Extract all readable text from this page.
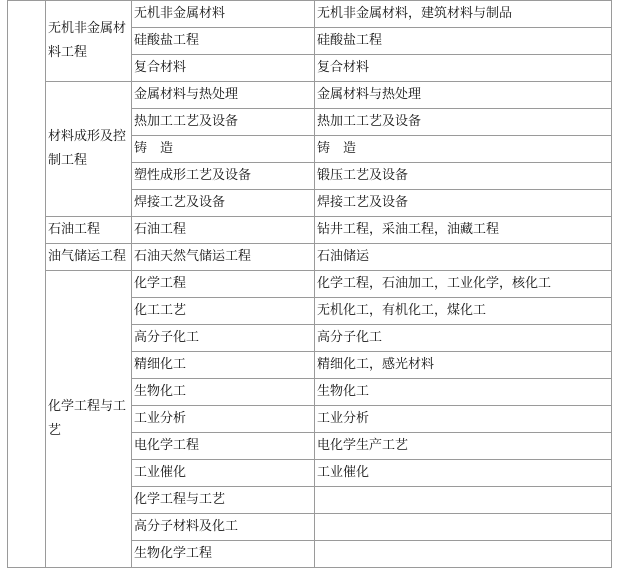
	无机非金属材料工程	无机非金属材料	无机非金属材料，建筑材料与制品
		硅酸盐工程	硅酸盐工程
		复合材料	复合材料
	材料成形及控制工程	金属材料与热处理	金属材料与热处理
		热加工工艺及设备	热加工工艺及设备
		铸　造	铸　造
		塑性成形工艺及设备	锻压工艺及设备
		焊接工艺及设备	焊接工艺及设备
	石油工程	石油工程	钻井工程，采油工程，油藏工程
	油气储运工程	石油天然气储运工程	石油储运
	化学工程与工艺	化学工程	化学工程，石油加工，工业化学，核化工
		化工工艺	无机化工，有机化工，煤化工
		高分子化工	高分子化工
		精细化工	精细化工，感光材料
		生物化工	生物化工
		工业分析	工业分析
		电化学工程	电化学生产工艺
		工业催化	工业催化
		化学工程与工艺	
		高分子材料及化工	
		生物化学工程	
